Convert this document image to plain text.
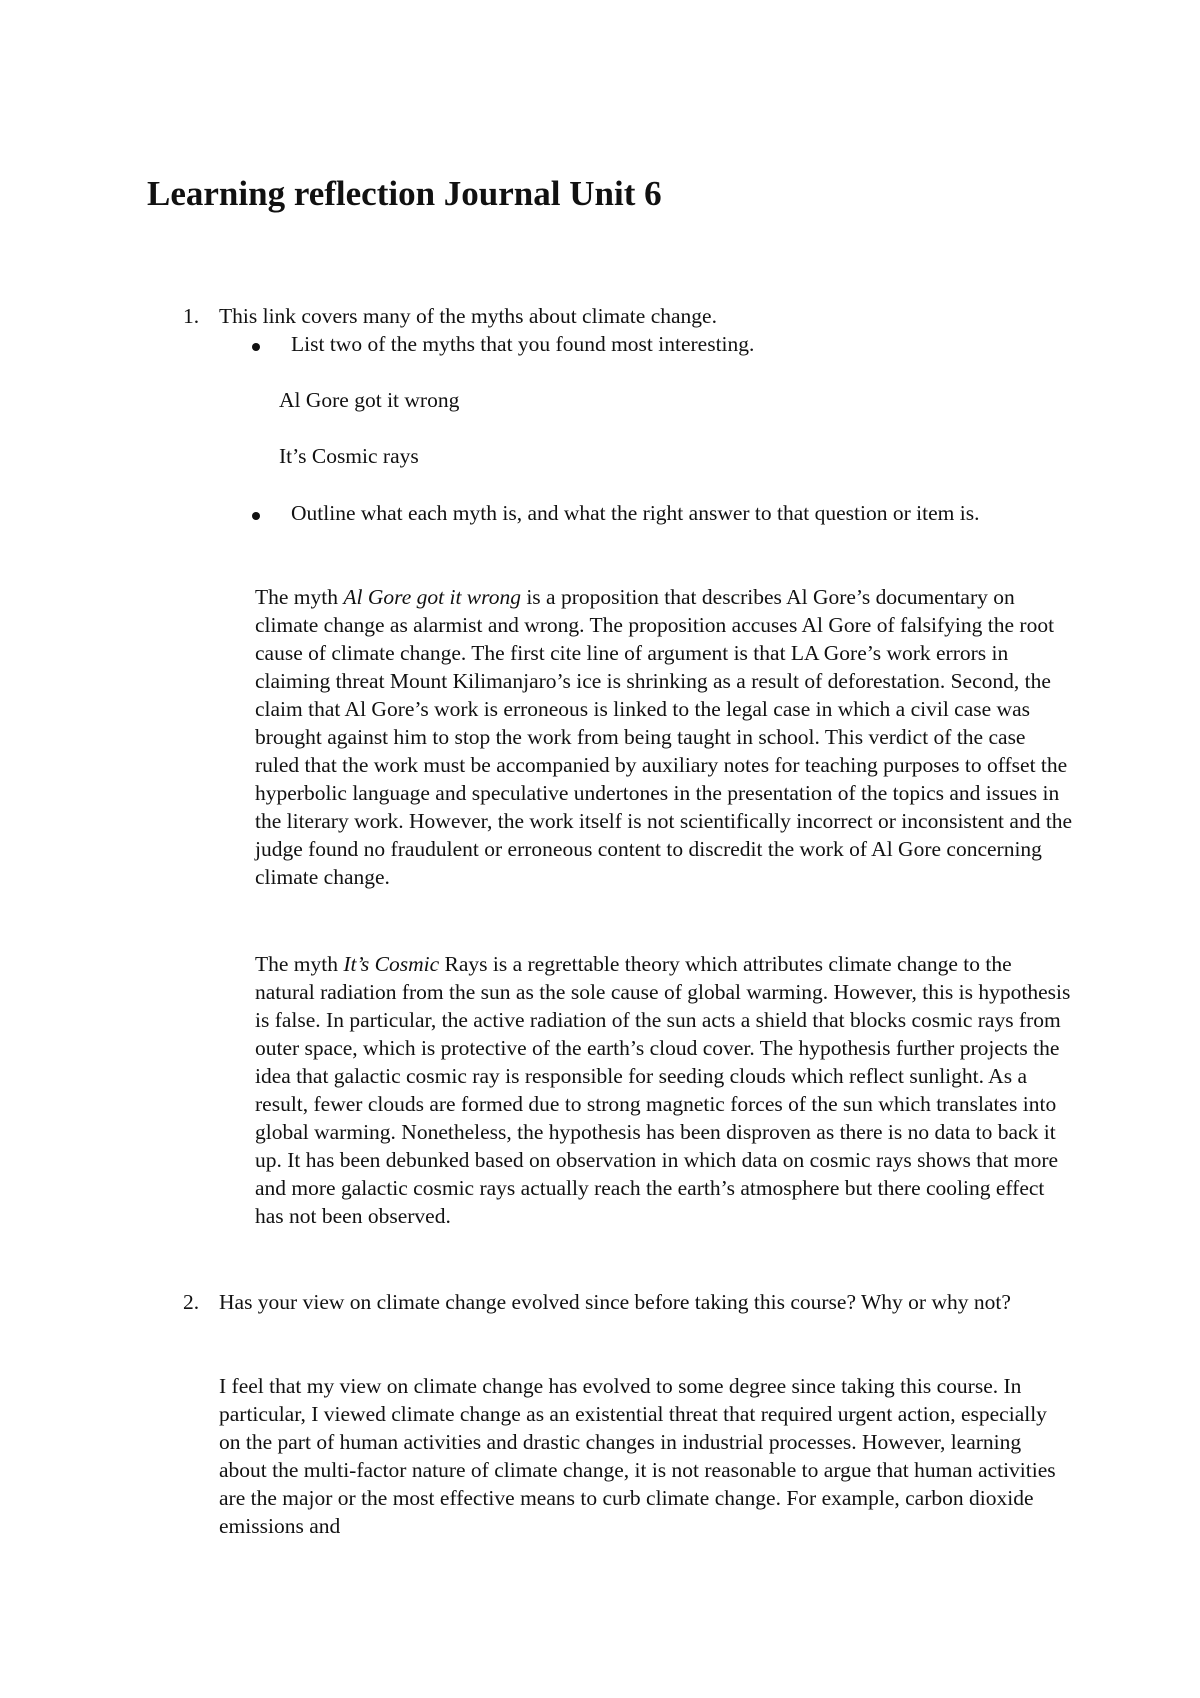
Learning reflection Journal Unit 6
1. This link covers many of the myths about climate change.
List two of the myths that you found most interesting.
Al Gore got it wrong
It’s Cosmic rays
Outline what each myth is, and what the right answer to that question or item is.

The myth Al Gore got it wrong is a proposition that describes Al Gore’s documentary on climate change as alarmist and wrong. The proposition accuses Al Gore of falsifying the root cause of climate change. The first cite line of argument is that LA Gore’s work errors in claiming threat Mount Kilimanjaro’s ice is shrinking as a result of deforestation. Second, the claim that Al Gore’s work is erroneous is linked to the legal case in which a civil case was brought against him to stop the work from being taught in school. This verdict of the case ruled that the work must be accompanied by auxiliary notes for teaching purposes to offset the hyperbolic language and speculative undertones in the presentation of the topics and issues in the literary work. However, the work itself is not scientifically incorrect or inconsistent and the judge found no fraudulent or erroneous content to discredit the work of Al Gore concerning climate change.

The myth It’s Cosmic Rays is a regrettable theory which attributes climate change to the natural radiation from the sun as the sole cause of global warming. However, this is hypothesis is false. In particular, the active radiation of the sun acts a shield that blocks cosmic rays from outer space, which is protective of the earth’s cloud cover. The hypothesis further projects the idea that galactic cosmic ray is responsible for seeding clouds which reflect sunlight. As a result, fewer clouds are formed due to strong magnetic forces of the sun which translates into global warming. Nonetheless, the hypothesis has been disproven as there is no data to back it up. It has been debunked based on observation in which data on cosmic rays shows that more and more galactic cosmic rays actually reach the earth’s atmosphere but there cooling effect has not been observed.

2. Has your view on climate change evolved since before taking this course? Why or why not?

I feel that my view on climate change has evolved to some degree since taking this course. In particular, I viewed climate change as an existential threat that required urgent action, especially on the part of human activities and drastic changes in industrial processes. However, learning about the multi-factor nature of climate change, it is not reasonable to argue that human activities are the major or the most effective means to curb climate change. For example, carbon dioxide emissions and
